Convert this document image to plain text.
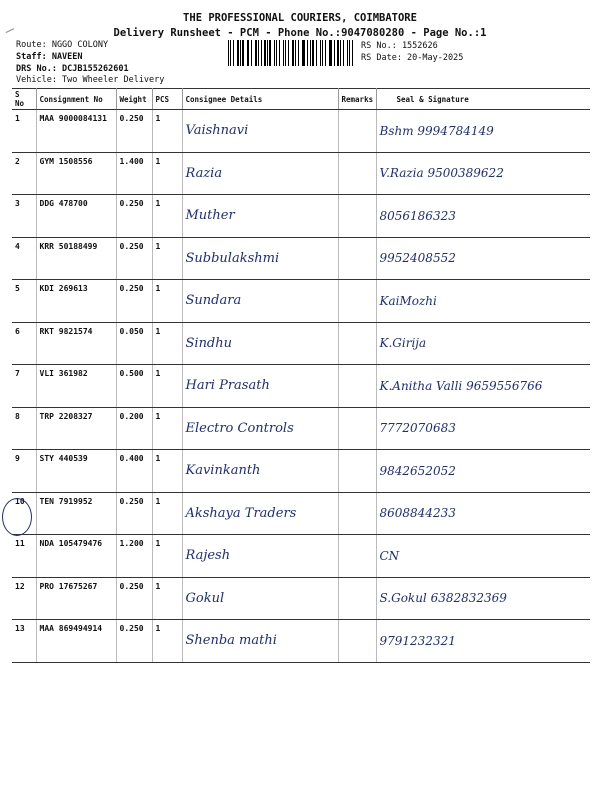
THE PROFESSIONAL COURIERS, COIMBATORE
Delivery Runsheet - PCM - Phone No.:9047080280 - Page No.:1
Route: NGGO COLONY
Staff: NAVEEN
DRS No.: DCJB155262601
Vehicle: Two Wheeler Delivery
RS No.: 1552626
RS Date: 20-May-2025
S No	Consignment No	Weight	PCS	Consignee Details	Remarks	Seal & Signature
1	MAA 9000084131	0.250	1	Vaishnavi		Bshm 9994784149
2	GYM 1508556	1.400	1	Razia		V.Razia 9500389622
3	DDG 478700	0.250	1	Muther		8056186323
4	KRR 50188499	0.250	1	Subbulakshmi		9952408552
5	KDI 269613	0.250	1	Sundara		KaiMozhi
6	RKT 9821574	0.050	1	Sindhu		K.Girija
7	VLI 361982	0.500	1	Hari Prasath		K.Anitha Valli 9659556766
8	TRP 2208327	0.200	1	Electro Controls		7772070683
9	STY 440539	0.400	1	Kavinkanth		9842652052
10	TEN 7919952	0.250	1	Akshaya Traders		8608844233
11	NDA 105479476	1.200	1	Rajesh		CN
12	PRO 17675267	0.250	1	Gokul		S.Gokul 6382832369
13	MAA 869494914	0.250	1	Shenba mathi		9791232321
